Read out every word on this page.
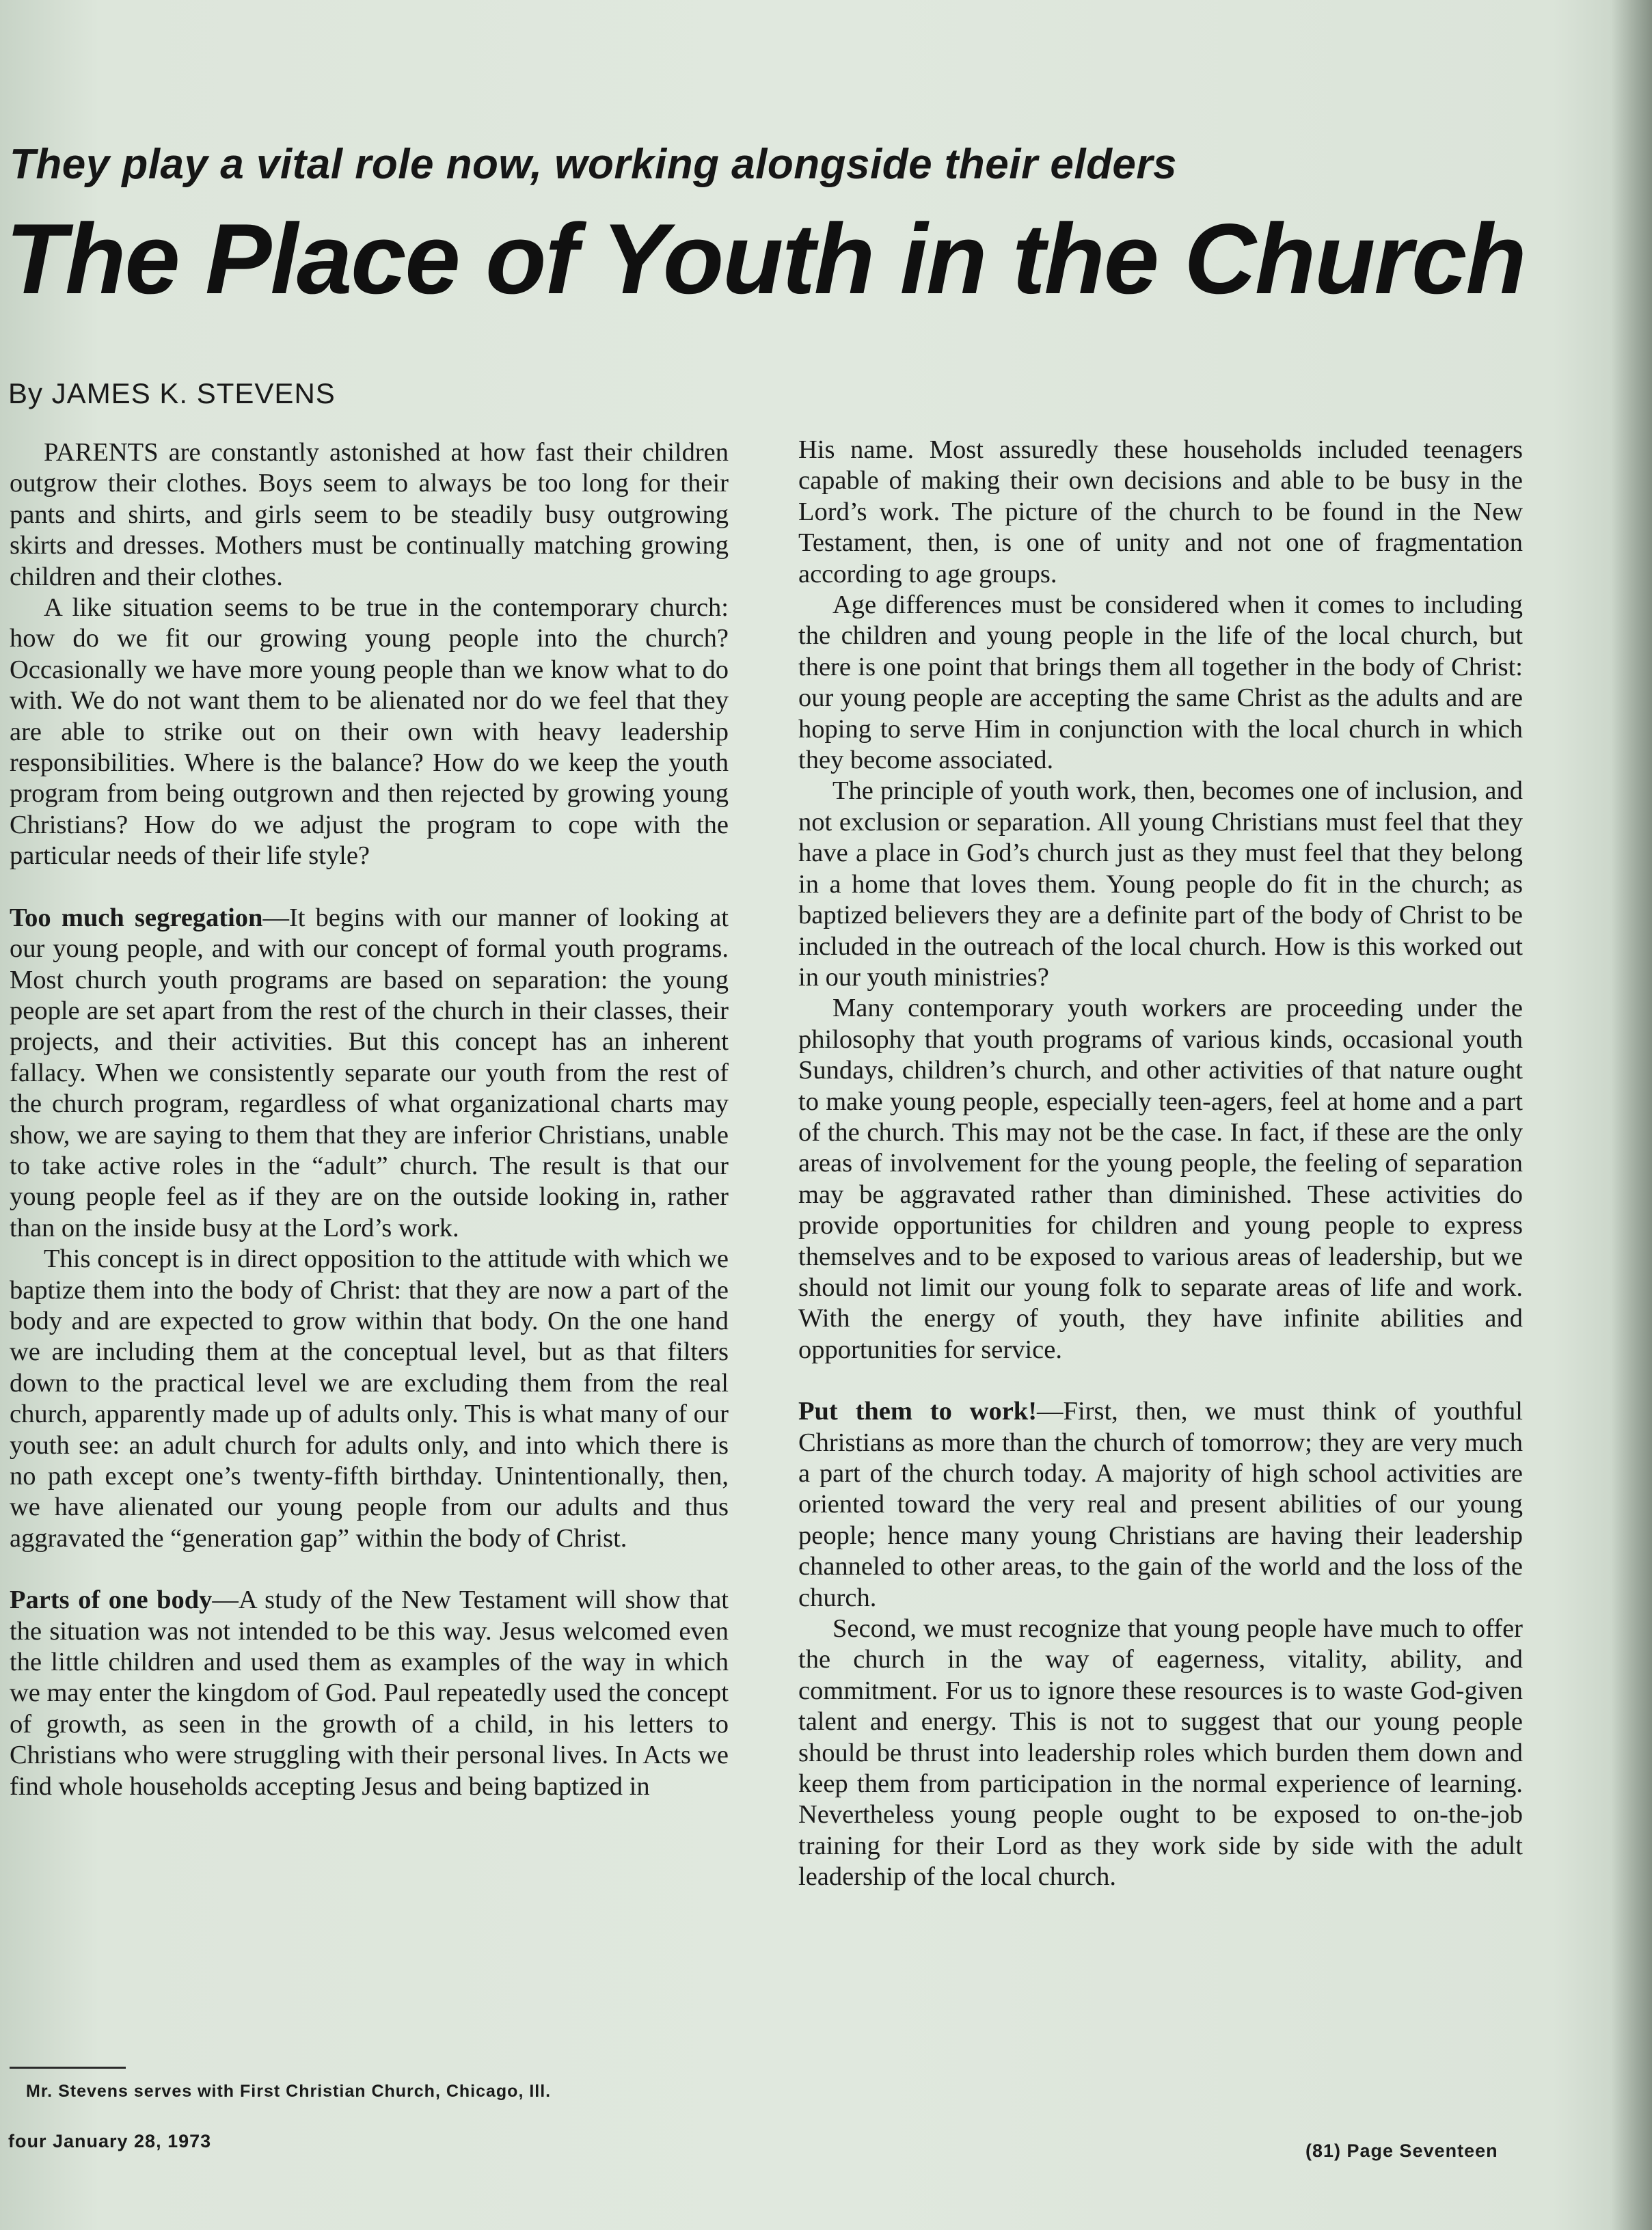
They play a vital role now, working alongside their elders
The Place of Youth in the Church
By JAMES K. STEVENS

PARENTS are constantly astonished at how fast their children outgrow their clothes. Boys seem to always be too long for their pants and shirts, and girls seem to be steadily busy outgrowing skirts and dresses. Mothers must be continually matching growing children and their clothes.

A like situation seems to be true in the contemporary church: how do we fit our growing young people into the church? Occasionally we have more young people than we know what to do with. We do not want them to be alienated nor do we feel that they are able to strike out on their own with heavy leadership responsibilities. Where is the balance? How do we keep the youth program from being outgrown and then rejected by growing young Christians? How do we adjust the program to cope with the particular needs of their life style?

Too much segregation—It begins with our manner of looking at our young people, and with our concept of formal youth programs. Most church youth programs are based on separation: the young people are set apart from the rest of the church in their classes, their projects, and their activities. But this concept has an inherent fallacy. When we consistently separate our youth from the rest of the church program, regardless of what organizational charts may show, we are saying to them that they are inferior Christians, unable to take active roles in the “adult” church. The result is that our young people feel as if they are on the outside looking in, rather than on the inside busy at the Lord’s work.

This concept is in direct opposition to the attitude with which we baptize them into the body of Christ: that they are now a part of the body and are expected to grow within that body. On the one hand we are including them at the conceptual level, but as that filters down to the practical level we are excluding them from the real church, apparently made up of adults only. This is what many of our youth see: an adult church for adults only, and into which there is no path except one’s twenty-fifth birthday. Unintentionally, then, we have alienated our young people from our adults and thus aggravated the “generation gap” within the body of Christ.

Parts of one body—A study of the New Testament will show that the situation was not intended to be this way. Jesus welcomed even the little children and used them as examples of the way in which we may enter the kingdom of God. Paul repeatedly used the concept of growth, as seen in the growth of a child, in his letters to Christians who were struggling with their personal lives. In Acts we find whole households accepting Jesus and being baptized in

His name. Most assuredly these households included teenagers capable of making their own decisions and able to be busy in the Lord’s work. The picture of the church to be found in the New Testament, then, is one of unity and not one of fragmentation according to age groups.

Age differences must be considered when it comes to including the children and young people in the life of the local church, but there is one point that brings them all together in the body of Christ: our young people are accepting the same Christ as the adults and are hoping to serve Him in conjunction with the local church in which they become associated.

The principle of youth work, then, becomes one of inclusion, and not exclusion or separation. All young Christians must feel that they have a place in God’s church just as they must feel that they belong in a home that loves them. Young people do fit in the church; as baptized believers they are a definite part of the body of Christ to be included in the outreach of the local church. How is this worked out in our youth ministries?

Many contemporary youth workers are proceeding under the philosophy that youth programs of various kinds, occasional youth Sundays, children’s church, and other activities of that nature ought to make young people, especially teen-agers, feel at home and a part of the church. This may not be the case. In fact, if these are the only areas of involvement for the young people, the feeling of separation may be aggravated rather than diminished. These activities do provide opportunities for children and young people to express themselves and to be exposed to various areas of leadership, but we should not limit our young folk to separate areas of life and work. With the energy of youth, they have infinite abilities and opportunities for service.

Put them to work!—First, then, we must think of youthful Christians as more than the church of tomorrow; they are very much a part of the church today. A majority of high school activities are oriented toward the very real and present abilities of our young people; hence many young Christians are having their leadership channeled to other areas, to the gain of the world and the loss of the church.

Second, we must recognize that young people have much to offer the church in the way of eagerness, vitality, ability, and commitment. For us to ignore these resources is to waste God-given talent and energy. This is not to suggest that our young people should be thrust into leadership roles which burden them down and keep them from participation in the normal experience of learning. Nevertheless young people ought to be exposed to on-the-job training for their Lord as they work side by side with the adult leadership of the local church.

Mr. Stevens serves with First Christian Church, Chicago, Ill.
four January 28, 1973	(81) Page Seventeen
